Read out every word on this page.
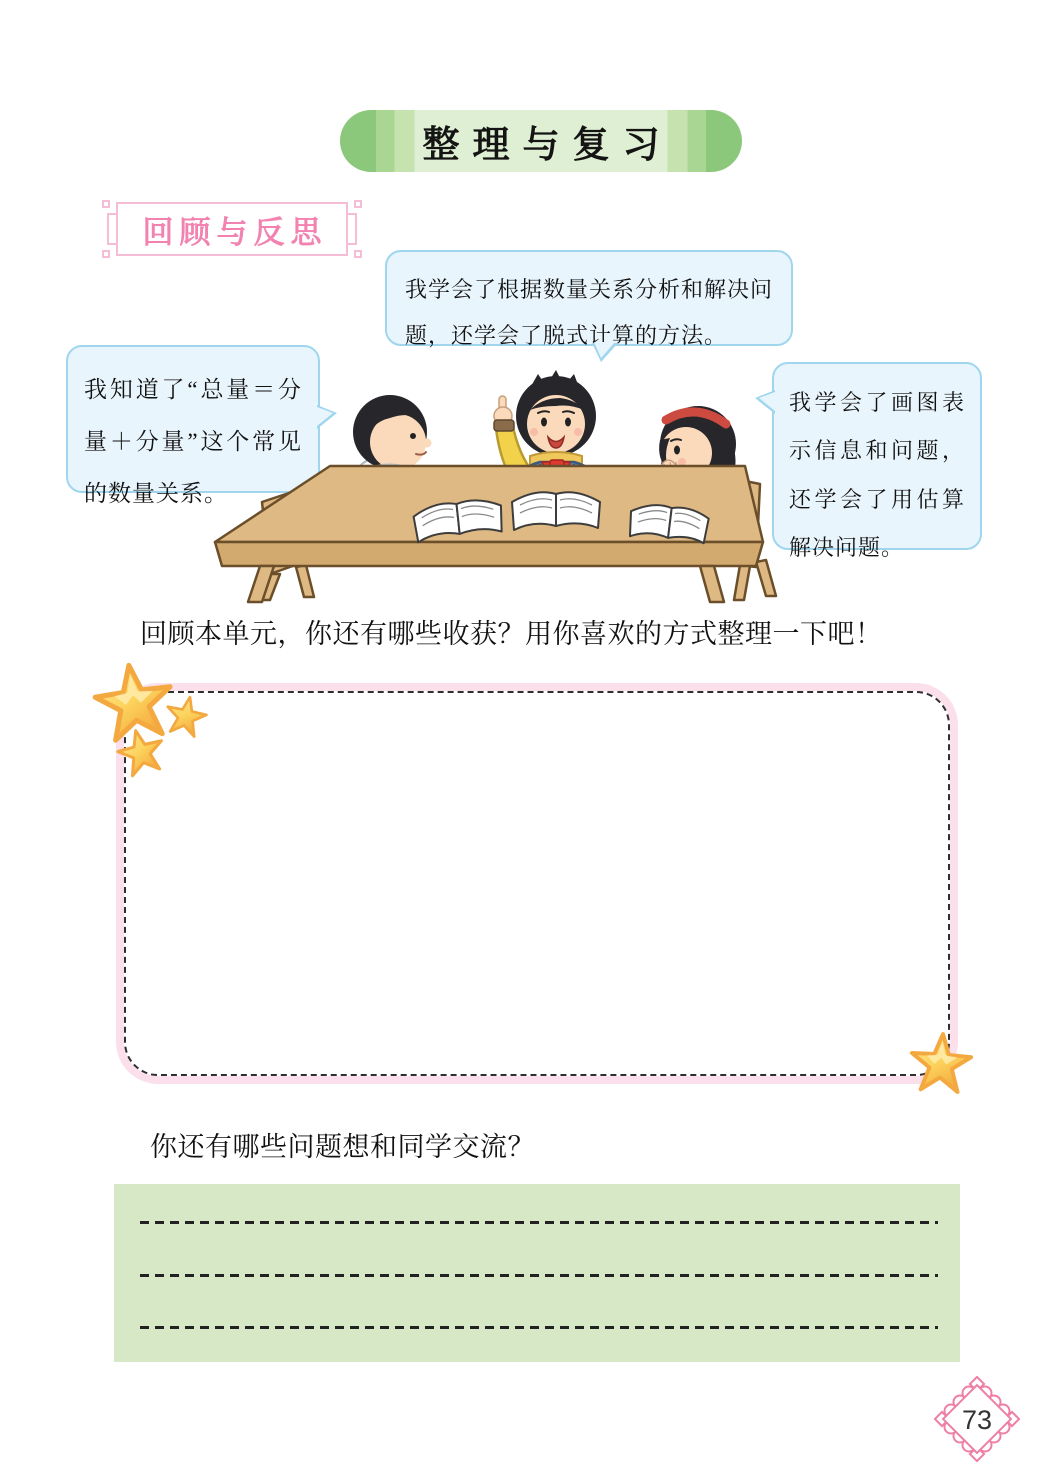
整理与复习
回顾与反思
我学会了根据数量关系分析和解决问题，还学会了脱式计算的方法。
我知道了“总量＝分量＋分量”这个常见的数量关系。
我学会了画图表示信息和问题，还学会了用估算解决问题。
回顾本单元，你还有哪些收获？用你喜欢的方式整理一下吧！
你还有哪些问题想和同学交流？
73
